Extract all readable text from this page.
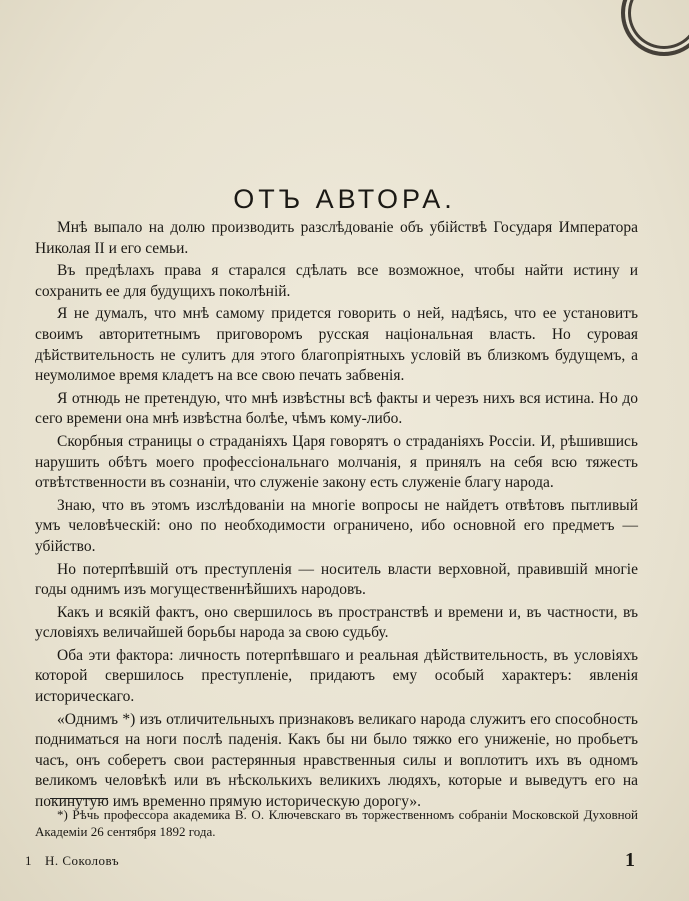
ОТЪ АВТОРА.

Мнѣ выпало на долю производить разслѣдованiе объ убiйствѣ Государя Императора Николая II и его семьи.

Въ предѣлахъ права я старался сдѣлать все возможное, чтобы найти истину и сохранить ее для будущихъ поколѣнiй.

Я не думалъ, что мнѣ самому придется говорить о ней, надѣясь, что ее установитъ своимъ авторитетнымъ приговоромъ русская нацiональная власть. Но суровая дѣйствительность не сулитъ для этого благопрiятныхъ условiй въ близкомъ будущемъ, а неумолимое время кладетъ на все свою печать забвенiя.

Я отнюдь не претендую, что мнѣ извѣстны всѣ факты и черезъ нихъ вся истина. Но до сего времени она мнѣ извѣстна болѣе, чѣмъ кому-либо.

Скорбныя страницы о страданiяхъ Царя говорятъ о страданiяхъ Россiи. И, рѣшившись нарушить обѣтъ моего профессiональнаго молчанiя, я принялъ на себя всю тяжесть отвѣтственности въ сознанiи, что служенiе закону есть служенiе благу народа.

Знаю, что въ этомъ изслѣдованiи на многiе вопросы не найдетъ отвѣтовъ пытливый умъ человѣческiй: оно по необходимости ограничено, ибо основной его предметъ — убiйство.

Но потерпѣвшiй отъ преступленiя — носитель власти верховной, правившiй многiе годы однимъ изъ могущественнѣйшихъ народовъ.

Какъ и всякiй фактъ, оно свершилось въ пространствѣ и времени и, въ частности, въ условiяхъ величайшей борьбы народа за свою судьбу.

Оба эти фактора: личность потерпѣвшаго и реальная дѣйствительность, въ условiяхъ которой свершилось преступленiе, придаютъ ему особый характеръ: явленiя историческаго.

«Однимъ *) изъ отличительныхъ признаковъ великаго народа служитъ его способность подниматься на ноги послѣ паденiя. Какъ бы ни было тяжко его униженiе, но пробьетъ часъ, онъ соберетъ свои растерянныя нравственныя силы и воплотитъ ихъ въ одномъ великомъ человѣкѣ или въ нѣсколькихъ великихъ людяхъ, которые и выведутъ его на покинутую имъ временно прямую историческую дорогу».

*) Рѣчь профессора академика В. О. Ключевскаго въ торжественномъ собранiи Московской Духовной Академiи 26 сентября 1892 года.

1 Н. Соколовъ	1
